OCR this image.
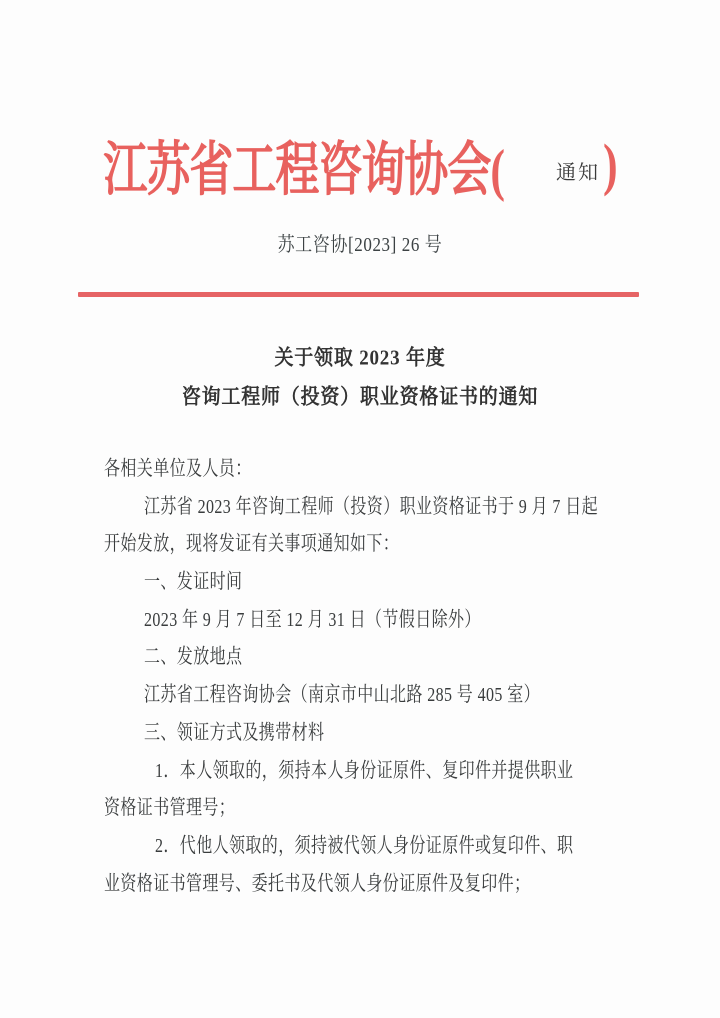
江苏省工程咨询协会(	通知 )
苏工咨协[2023] 26 号
关于领取 2023 年度
咨询工程师（投资）职业资格证书的通知
各相关单位及人员：
江苏省 2023 年咨询工程师（投资）职业资格证书于 9 月 7 日起
开始发放，现将发证有关事项通知如下：
一、发证时间
2023 年 9 月 7 日至 12 月 31 日（节假日除外）
二、发放地点
江苏省工程咨询协会（南京市中山北路 285 号 405 室）
三、领证方式及携带材料
1．本人领取的，须持本人身份证原件、复印件并提供职业
资格证书管理号；
2．代他人领取的，须持被代领人身份证原件或复印件、职
业资格证书管理号、委托书及代领人身份证原件及复印件；
